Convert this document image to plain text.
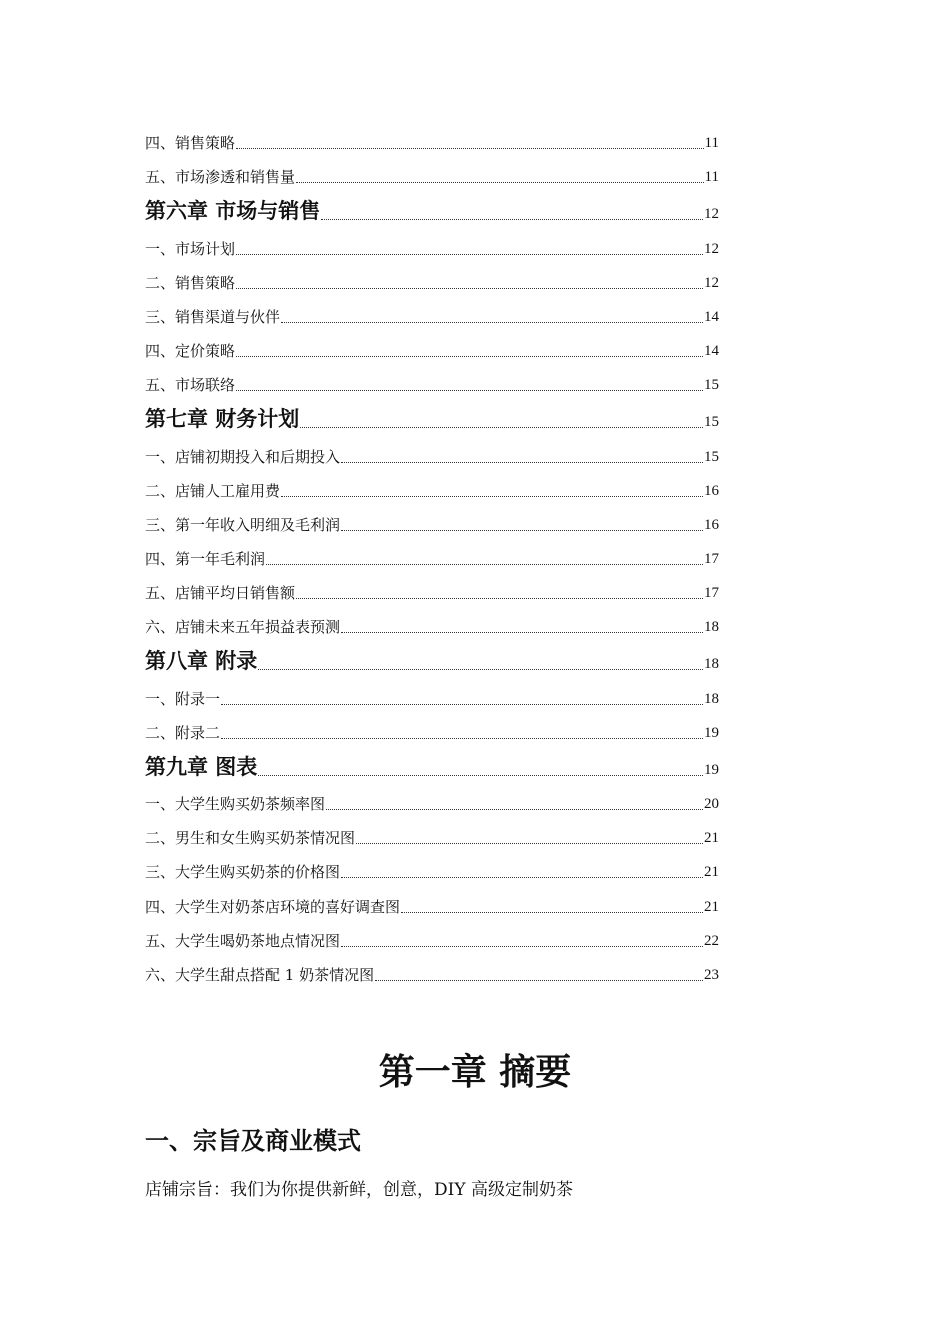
四、销售策略	11
五、市场渗透和销售量	11
第六章 市场与销售	12
一、市场计划	12
二、销售策略	12
三、销售渠道与伙伴	14
四、定价策略	14
五、市场联络	15
第七章 财务计划	15
一、店铺初期投入和后期投入	15
二、店铺人工雇用费	16
三、第一年收入明细及毛利润	16
四、第一年毛利润	17
五、店铺平均日销售额	17
六、店铺未来五年损益表预测	18
第八章 附录	18
一、附录一	18
二、附录二	19
第九章 图表	19
一、大学生购买奶茶频率图	20
二、男生和女生购买奶茶情况图	21
三、大学生购买奶茶的价格图	21
四、大学生对奶茶店环境的喜好调查图	21
五、大学生喝奶茶地点情况图	22
六、大学生甜点搭配 1 奶茶情况图	23
第一章 摘要
一、宗旨及商业模式
店铺宗旨：我们为你提供新鲜，创意，DIY 高级定制奶茶
